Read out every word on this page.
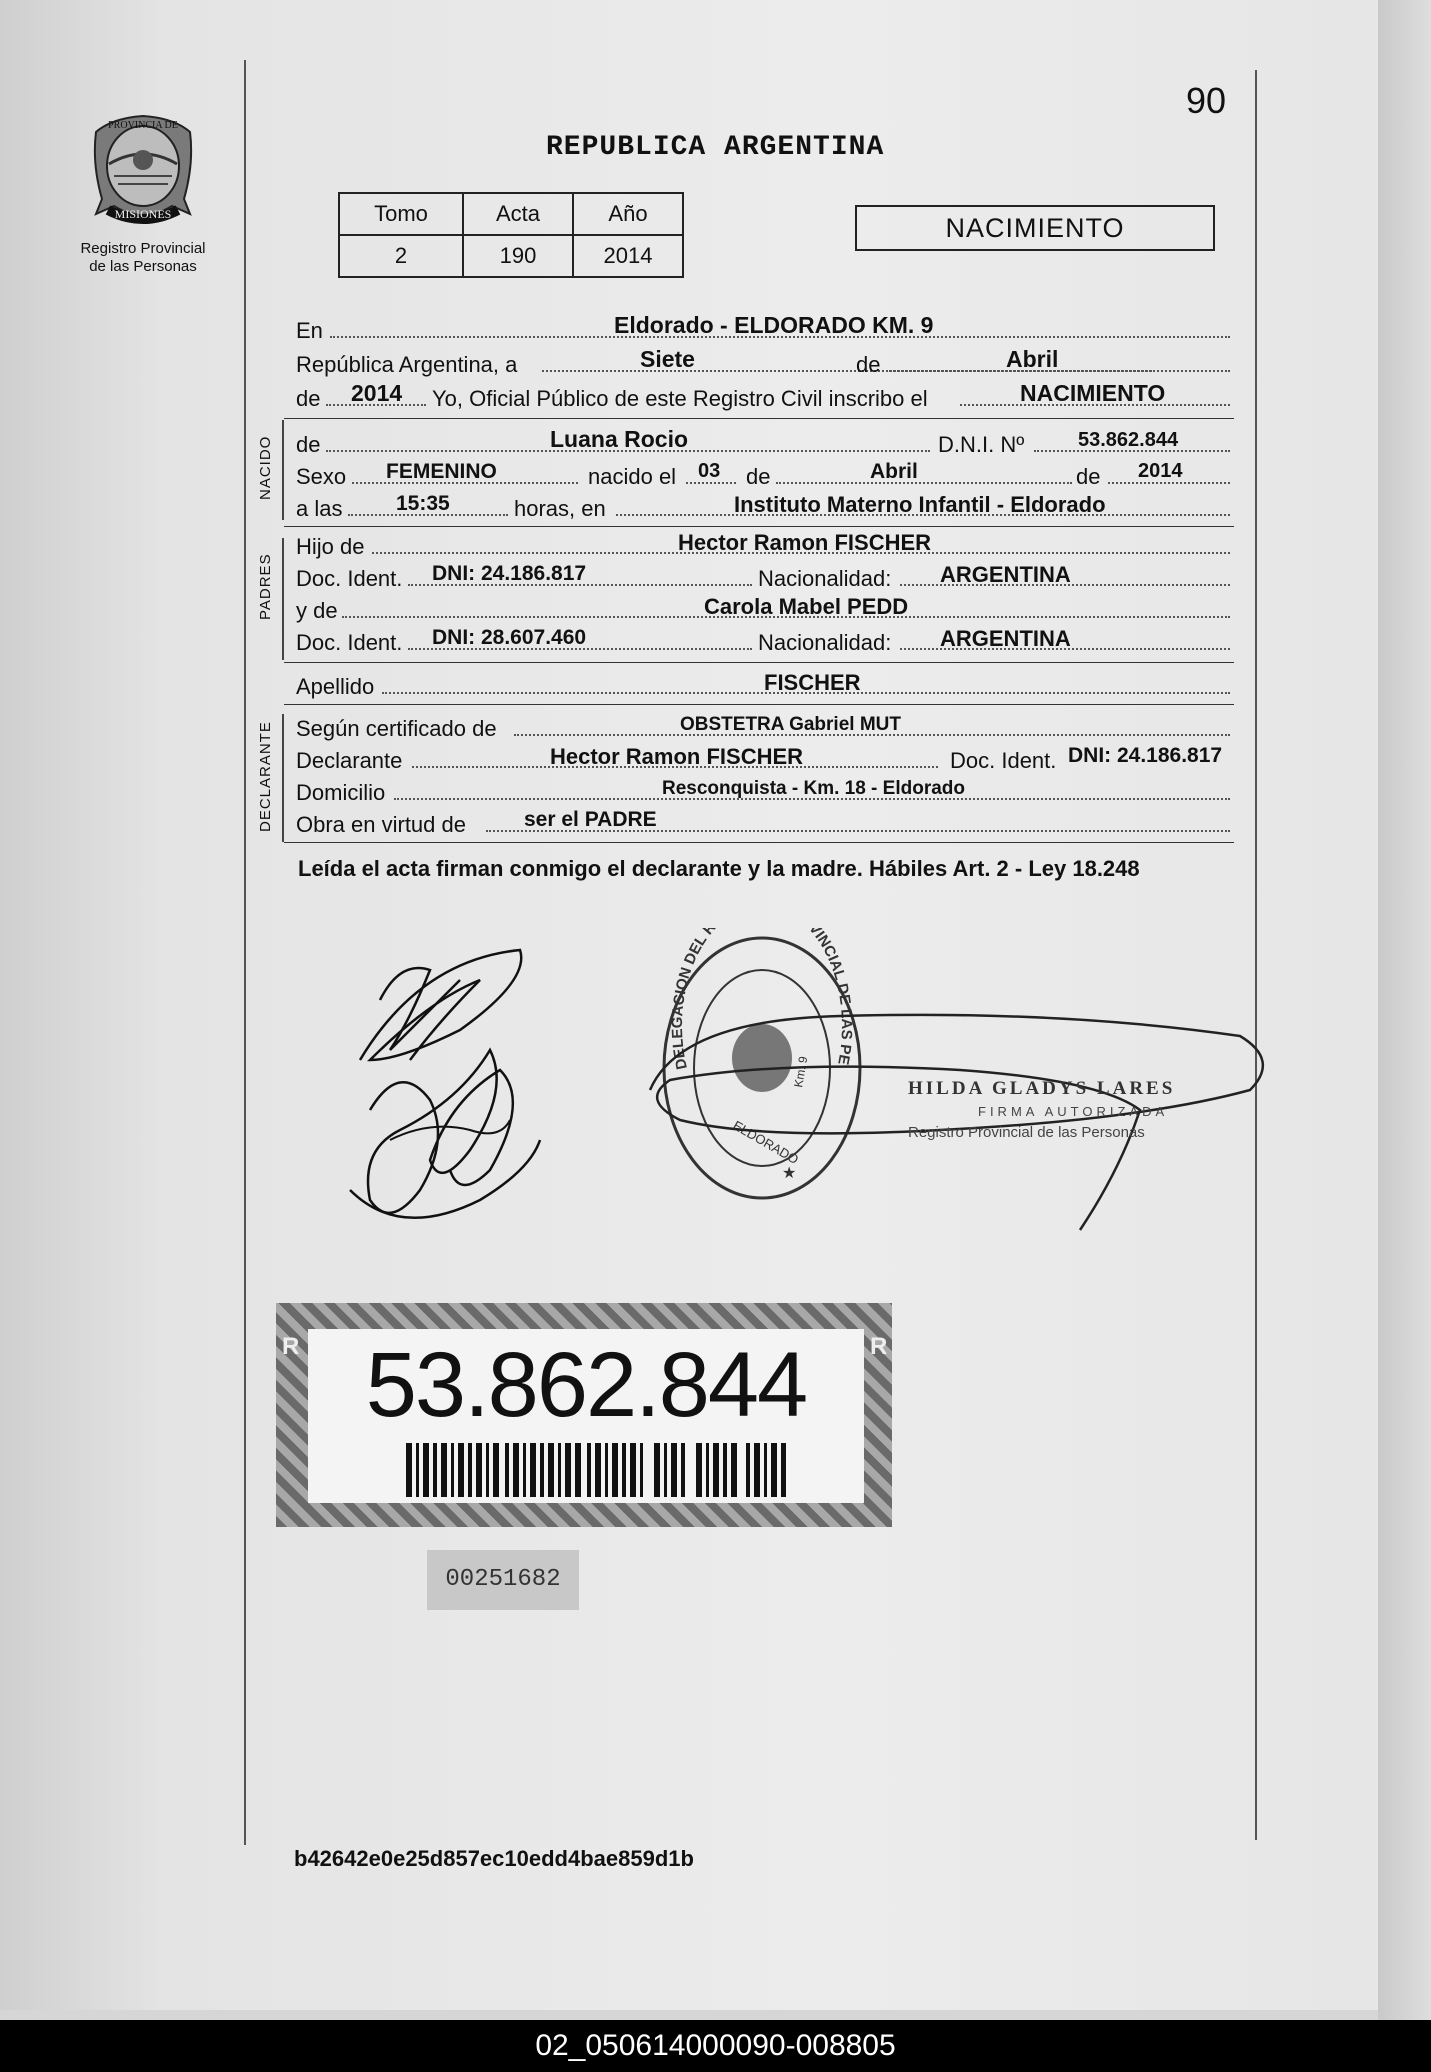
PROVINCIA DE
MISIONES
Registro Provincial
de las Personas
90
REPUBLICA ARGENTINA
Tomo	Acta	Año
2	190	2014
NACIMIENTO
En	Eldorado - ELDORADO KM. 9
República Argentina, a	Siete	de	Abril
de 2014 Yo, Oficial Público de este Registro Civil inscribo el	NACIMIENTO
NACIDO de	Luana Rocio	D.N.I. Nº	53.862.844
Sexo FEMENINO	nacido el 03 de	Abril	de 2014
a las	15:35	horas, en	Instituto Materno Infantil - Eldorado
PADRES
Hijo de	Hector Ramon FISCHER
Doc. Ident. DNI: 24.186.817	Nacionalidad: ARGENTINA
y de	Carola Mabel PEDD
Doc. Ident. DNI: 28.607.460	Nacionalidad: ARGENTINA
Apellido	FISCHER
DECLARANTE Según certificado de	OBSTETRA Gabriel MUT
Declarante	Hector Ramon FISCHER	Doc. Ident. DNI: 24.186.817
Domicilio	Resconquista - Km. 18 - Eldorado
Obra en virtud de	ser el PADRE
Leída el acta firman conmigo el declarante y la madre. Hábiles Art. 2 - Ley 18.248
DELEGACION DEL R VINCIAL DE LAS PE
ELDORADO
Km. 9
★
HILDA GLADYS LARES
FIRMA AUTORIZADA
Registro Provincial de las Personas
R	R
53.862.844
00251682
b42642e0e25d857ec10edd4bae859d1b
02_050614000090-008805
